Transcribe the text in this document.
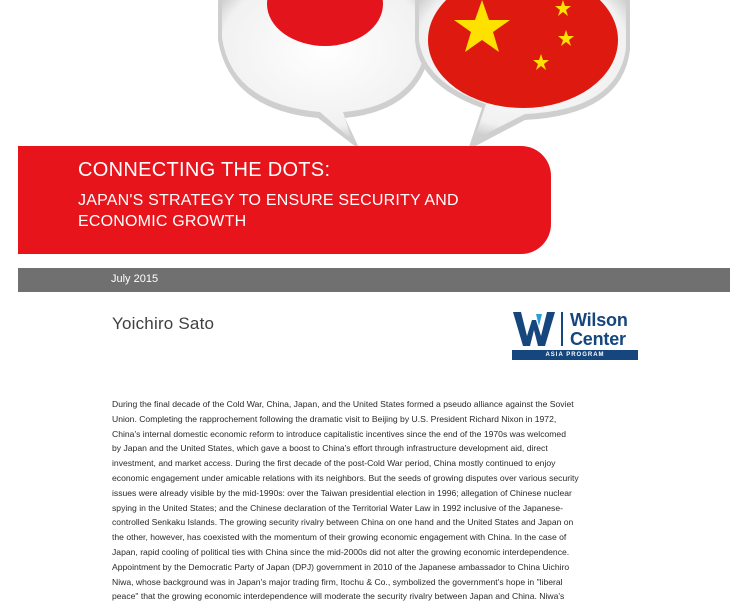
CONNECTING THE DOTS:
JAPAN'S STRATEGY TO ENSURE SECURITY AND ECONOMIC GROWTH
July 2015
Yoichiro Sato	Wilson
Center
ASIA PROGRAM
During the final decade of the Cold War, China, Japan, and the United States formed a pseudo alliance against the Soviet
Union. Completing the rapprochement following the dramatic visit to Beijing by U.S. President Richard Nixon in 1972,
China's internal domestic economic reform to introduce capitalistic incentives since the end of the 1970s was welcomed
by Japan and the United States, which gave a boost to China's effort through infrastructure development aid, direct
investment, and market access. During the first decade of the post-Cold War period, China mostly continued to enjoy
economic engagement under amicable relations with its neighbors. But the seeds of growing disputes over various security
issues were already visible by the mid-1990s: over the Taiwan presidential election in 1996; allegation of Chinese nuclear
spying in the United States; and the Chinese declaration of the Territorial Water Law in 1992 inclusive of the Japanese-
controlled Senkaku Islands. The growing security rivalry between China on one hand and the United States and Japan on
the other, however, has coexisted with the momentum of their growing economic engagement with China. In the case of
Japan, rapid cooling of political ties with China since the mid-2000s did not alter the growing economic interdependence.
Appointment by the Democratic Party of Japan (DPJ) government in 2010 of the Japanese ambassador to China Uichiro
Niwa, whose background was in Japan's major trading firm, Itochu & Co., symbolized the government's hope in "liberal
peace" that the growing economic interdependence will moderate the security rivalry between Japan and China. Niwa's
